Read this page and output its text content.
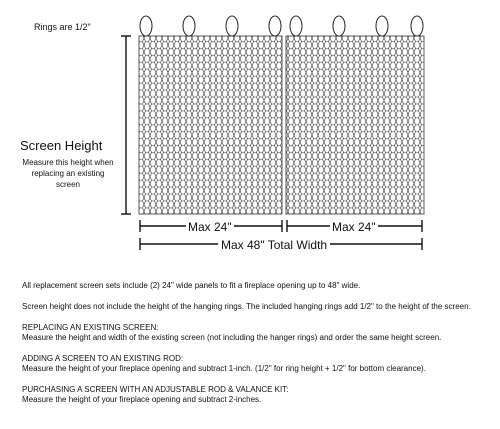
Rings are 1/2"
Screen Height
Measure this height when replacing an existing screen
Max 24"	Max 24"
Max 48" Total Width

All replacement screen sets include (2) 24" wide panels to fit a fireplace opening up to 48" wide.

Screen height does not include the height of the hanging rings. The included hanging rings add 1/2" to the height of the screen.

REPLACING AN EXISTING SCREEN:

Measure the height and width of the existing screen (not including the hanger rings) and order the same height screen.

ADDING A SCREEN TO AN EXISTING ROD:

Measure the height of your fireplace opening and subtract 1-inch. (1/2" for ring height + 1/2" for bottom clearance).

PURCHASING A SCREEN WITH AN ADJUSTABLE ROD & VALANCE KIT:

Measure the height of your fireplace opening and subtract 2-inches.
